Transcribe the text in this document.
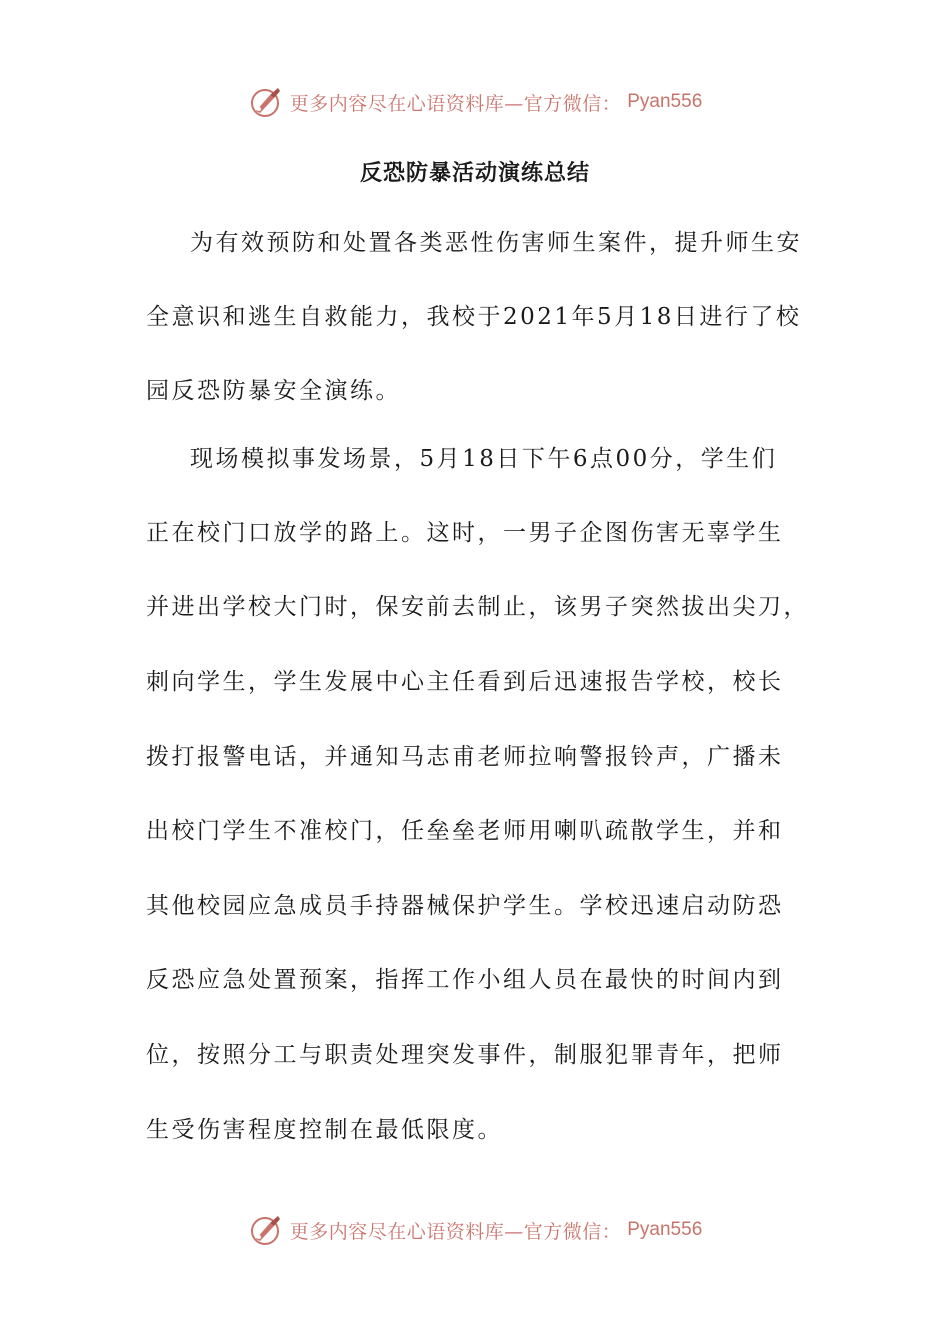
更多内容尽在心语资料库—官方微信： Pyan556
反恐防暴活动演练总结
为有效预防和处置各类恶性伤害师生案件，提升师生安
全意识和逃生自救能力，我校于2021年5月18日进行了校
园反恐防暴安全演练。
现场模拟事发场景，5月18日下午6点00分，学生们
正在校门口放学的路上。这时，一男子企图伤害无辜学生
并进出学校大门时，保安前去制止，该男子突然拔出尖刀，
刺向学生，学生发展中心主任看到后迅速报告学校，校长
拨打报警电话，并通知马志甫老师拉响警报铃声，广播未
出校门学生不准校门，任垒垒老师用喇叭疏散学生，并和
其他校园应急成员手持器械保护学生。学校迅速启动防恐
反恐应急处置预案，指挥工作小组人员在最快的时间内到
位，按照分工与职责处理突发事件，制服犯罪青年，把师
生受伤害程度控制在最低限度。
更多内容尽在心语资料库—官方微信： Pyan556
